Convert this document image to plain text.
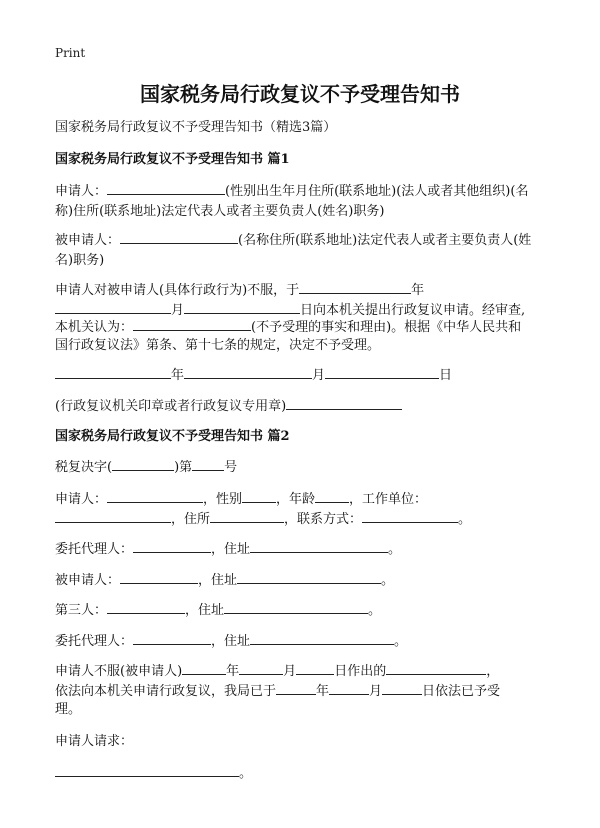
Print
国家税务局行政复议不予受理告知书
国家税务局行政复议不予受理告知书（精选3篇）
国家税务局行政复议不予受理告知书 篇1
申请人：	(性别出生年月住所(联系地址)(法人或者其他组织)(名
称)住所(联系地址)法定代表人或者主要负责人(姓名)职务)
被申请人：	(名称住所(联系地址)法定代表人或者主要负责人(姓
名)职务)
申请人对被申请人(具体行政行为)不服，于	年
月	日向本机关提出行政复议申请。经审查,
本机关认为：	(不予受理的事实和理由)。根据《中华人民共和
国行政复议法》第条、第十七条的规定，决定不予受理。
年	月	日
(行政复议机关印章或者行政复议专用章)
国家税务局行政复议不予受理告知书 篇2
税复决字(	)第 号
申请人：	，性别	，年龄	，工作单位：
，住所	，联系方式：	。
委托代理人：	，住址	。
被申请人：	，住址	。
第三人：	，住址	。
委托代理人：	，住址	。
申请人不服(被申请人)	年	月	日作出的	，
依法向本机关申请行政复议，我局已于	年	月	日依法已予受
理。
申请人请求：
。
